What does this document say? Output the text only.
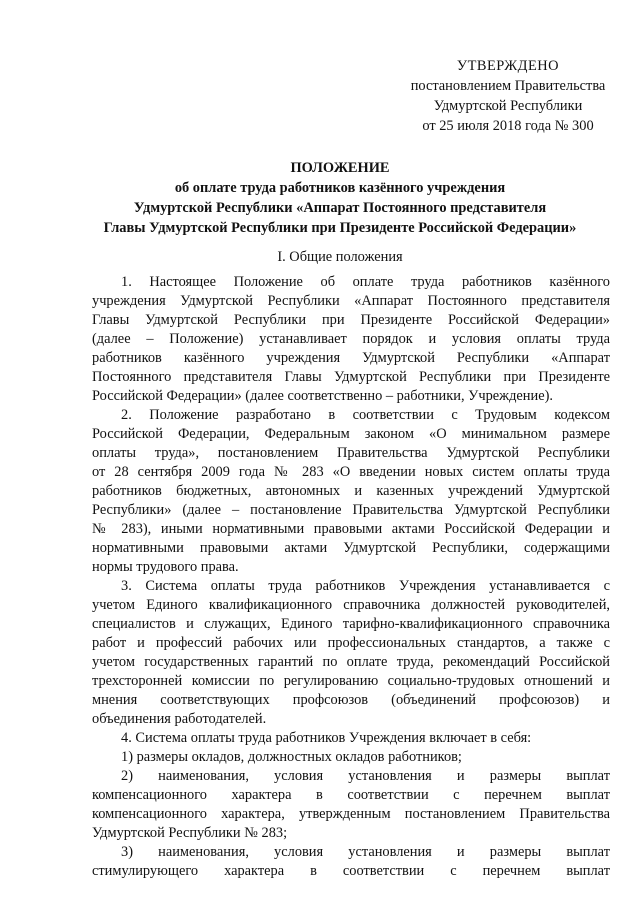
УТВЕРЖДЕНО
постановлением Правительства
Удмуртской Республики
от 25 июля 2018 года № 300
ПОЛОЖЕНИЕ
об оплате труда работников казённого учреждения
Удмуртской Республики «Аппарат Постоянного представителя
Главы Удмуртской Республики при Президенте Российской Федерации»
I. Общие положения
1. Настоящее Положение об оплате труда работников казённого
учреждения Удмуртской Республики «Аппарат Постоянного представителя
Главы Удмуртской Республики при Президенте Российской Федерации»
(далее – Положение) устанавливает порядок и условия оплаты труда
работников казённого учреждения Удмуртской Республики «Аппарат
Постоянного представителя Главы Удмуртской Республики при Президенте
Российской Федерации» (далее соответственно – работники, Учреждение).
2. Положение разработано в соответствии с Трудовым кодексом
Российской Федерации, Федеральным законом «О минимальном размере
оплаты труда», постановлением Правительства Удмуртской Республики
от 28 сентября 2009 года № 283 «О введении новых систем оплаты труда
работников бюджетных, автономных и казенных учреждений Удмуртской
Республики» (далее – постановление Правительства Удмуртской Республики
№ 283), иными нормативными правовыми актами Российской Федерации и
нормативными правовыми актами Удмуртской Республики, содержащими
нормы трудового права.
3. Система оплаты труда работников Учреждения устанавливается с
учетом Единого квалификационного справочника должностей руководителей,
специалистов и служащих, Единого тарифно-квалификационного справочника
работ и профессий рабочих или профессиональных стандартов, а также с
учетом государственных гарантий по оплате труда, рекомендаций Российской
трехсторонней комиссии по регулированию социально-трудовых отношений и
мнения соответствующих профсоюзов (объединений профсоюзов) и
объединения работодателей.
4. Система оплаты труда работников Учреждения включает в себя:
1) размеры окладов, должностных окладов работников;
2) наименования, условия установления и размеры выплат
компенсационного характера в соответствии с перечнем выплат
компенсационного характера, утвержденным постановлением Правительства
Удмуртской Республики № 283;
3) наименования, условия установления и размеры выплат
стимулирующего характера в соответствии с перечнем выплат
